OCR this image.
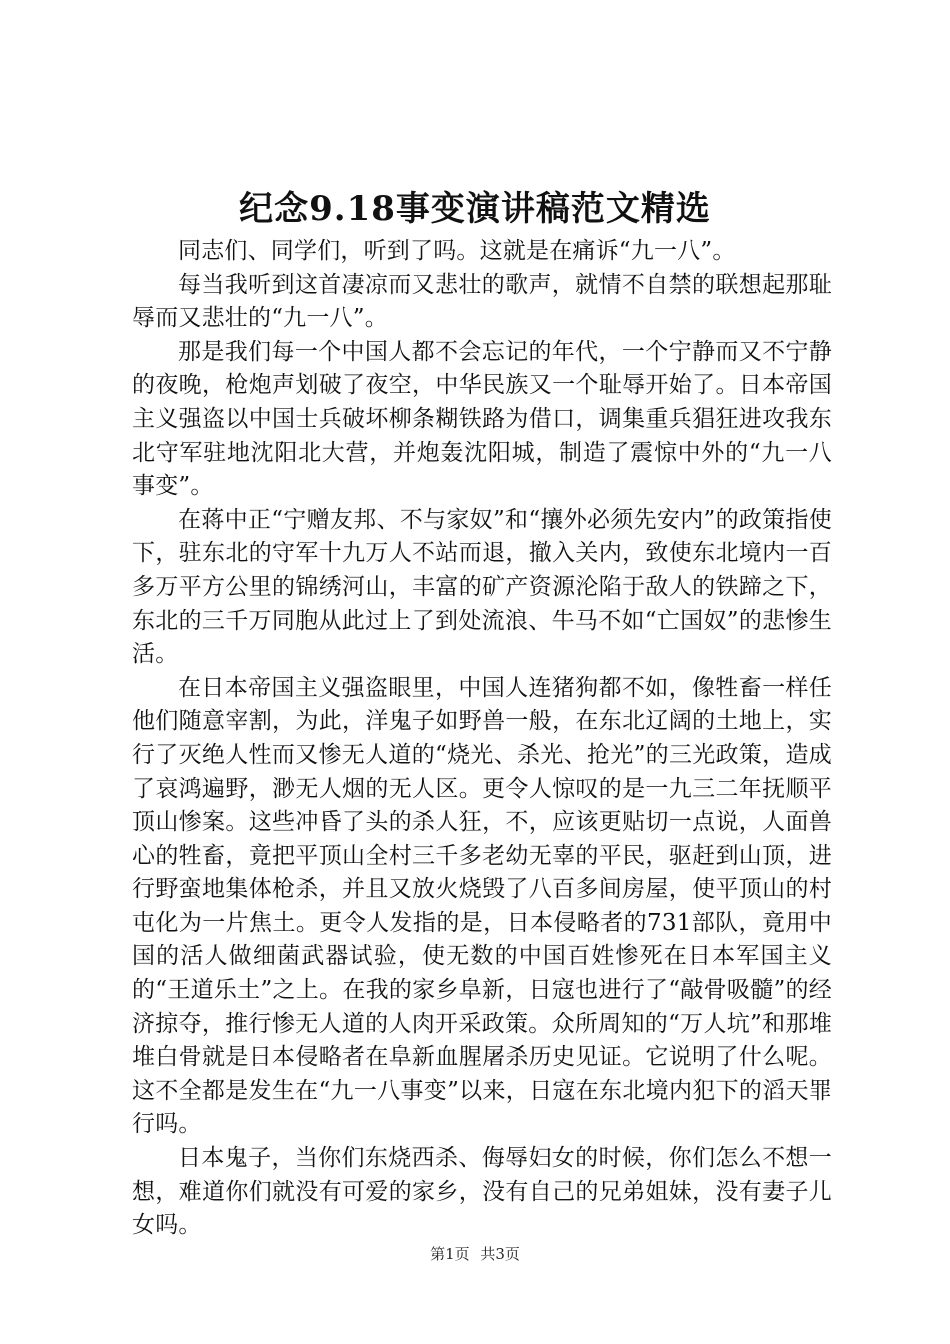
纪念9.18事变演讲稿范文精选

同志们、同学们，听到了吗。这就是在痛诉“九一八”。

每当我听到这首凄凉而又悲壮的歌声，就情不自禁的联想起那耻辱而又悲壮的“九一八”。

那是我们每一个中国人都不会忘记的年代，一个宁静而又不宁静的夜晚，枪炮声划破了夜空，中华民族又一个耻辱开始了。日本帝国主义强盗以中国士兵破坏柳条糊铁路为借口，调集重兵猖狂进攻我东北守军驻地沈阳北大营，并炮轰沈阳城，制造了震惊中外的“九一八事变”。

在蒋中正“宁赠友邦、不与家奴”和“攘外必须先安内”的政策指使下，驻东北的守军十九万人不站而退，撤入关内，致使东北境内一百多万平方公里的锦绣河山，丰富的矿产资源沦陷于敌人的铁蹄之下，东北的三千万同胞从此过上了到处流浪、牛马不如“亡国奴”的悲惨生活。

在日本帝国主义强盗眼里，中国人连猪狗都不如，像牲畜一样任他们随意宰割，为此，洋鬼子如野兽一般，在东北辽阔的土地上，实行了灭绝人性而又惨无人道的“烧光、杀光、抢光”的三光政策，造成了哀鸿遍野，渺无人烟的无人区。更令人惊叹的是一九三二年抚顺平顶山惨案。这些冲昏了头的杀人狂，不，应该更贴切一点说，人面兽心的牲畜，竟把平顶山全村三千多老幼无辜的平民，驱赶到山顶，进行野蛮地集体枪杀，并且又放火烧毁了八百多间房屋，使平顶山的村屯化为一片焦土。更令人发指的是，日本侵略者的731部队，竟用中国的活人做细菌武器试验，使无数的中国百姓惨死在日本军国主义的“王道乐土”之上。在我的家乡阜新，日寇也进行了“敲骨吸髓”的经济掠夺，推行惨无人道的人肉开采政策。众所周知的“万人坑”和那堆堆白骨就是日本侵略者在阜新血腥屠杀历史见证。它说明了什么呢。这不全都是发生在“九一八事变”以来，日寇在东北境内犯下的滔天罪行吗。

日本鬼子，当你们东烧西杀、侮辱妇女的时候，你们怎么不想一想，难道你们就没有可爱的家乡，没有自己的兄弟姐妹，没有妻子儿女吗。

第1页 共3页
